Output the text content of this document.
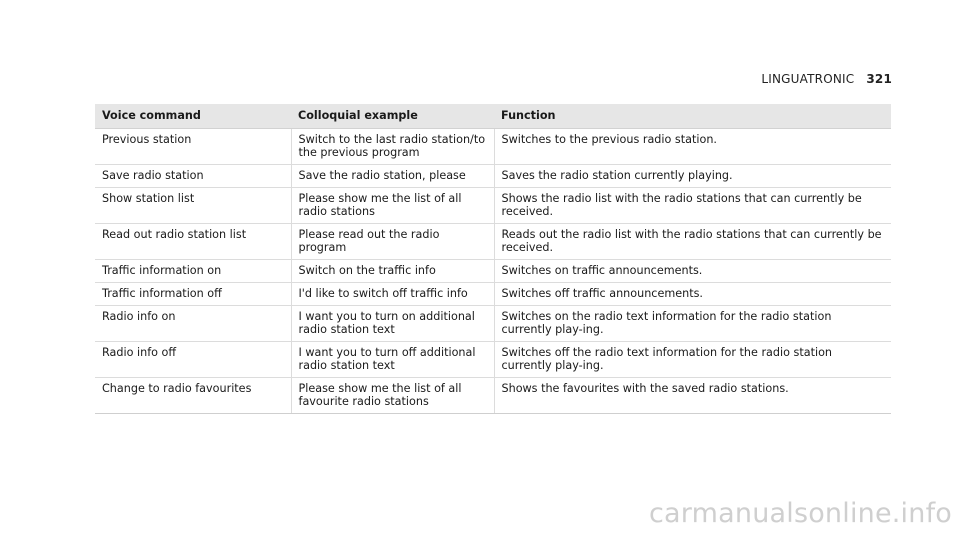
LINGUATRONIC 321
Voice command	Colloquial example	Function
Previous station	Switch to the last radio station/to the previous program	Switches to the previous radio station.
Save radio station	Save the radio station, please	Saves the radio station currently playing.
Show station list	Please show me the list of all radio stations	Shows the radio list with the radio stations that can currently be received.
Read out radio station list	Please read out the radio program	Reads out the radio list with the radio stations that can currently be received.
Traffic information on	Switch on the traffic info	Switches on traffic announcements.
Traffic information off	I'd like to switch off traffic info	Switches off traffic announcements.
Radio info on	I want you to turn on additional radio station text	Switches on the radio text information for the radio station currently play-ing.
Radio info off	I want you to turn off additional radio station text	Switches off the radio text information for the radio station currently play-ing.
Change to radio favourites	Please show me the list of all favourite radio stations	Shows the favourites with the saved radio stations.
carmanualsonline.info
